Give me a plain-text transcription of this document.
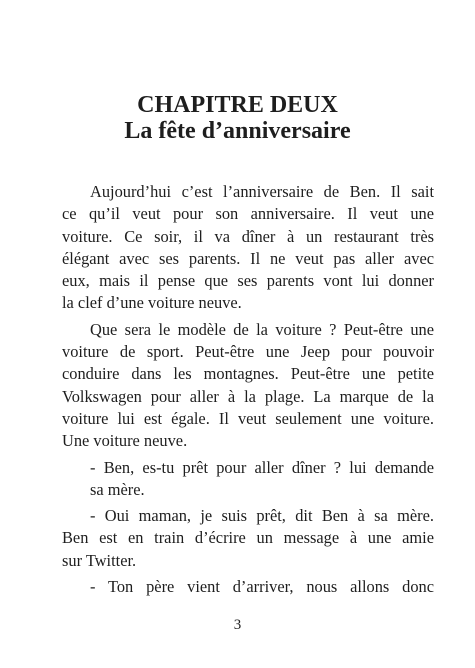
CHAPITRE DEUX
La fête d’anniversaire
Aujourd’hui c’est l’anniversaire de Ben. Il sait
ce qu’il veut pour son anniversaire. Il veut une
voiture. Ce soir, il va dîner à un restaurant très
élégant avec ses parents. Il ne veut pas aller avec
eux, mais il pense que ses parents vont lui donner
la clef d’une voiture neuve.
Que sera le modèle de la voiture ? Peut-être une
voiture de sport. Peut-être une Jeep pour pouvoir
conduire dans les montagnes. Peut-être une petite
Volkswagen pour aller à la plage. La marque de la
voiture lui est égale. Il veut seulement une voiture.
Une voiture neuve.
- Ben, es-tu prêt pour aller dîner ? lui demande
sa mère.
- Oui maman, je suis prêt, dit Ben à sa mère.
Ben est en train d’écrire un message à une amie
sur Twitter.
- Ton père vient d’arriver, nous allons donc
3
